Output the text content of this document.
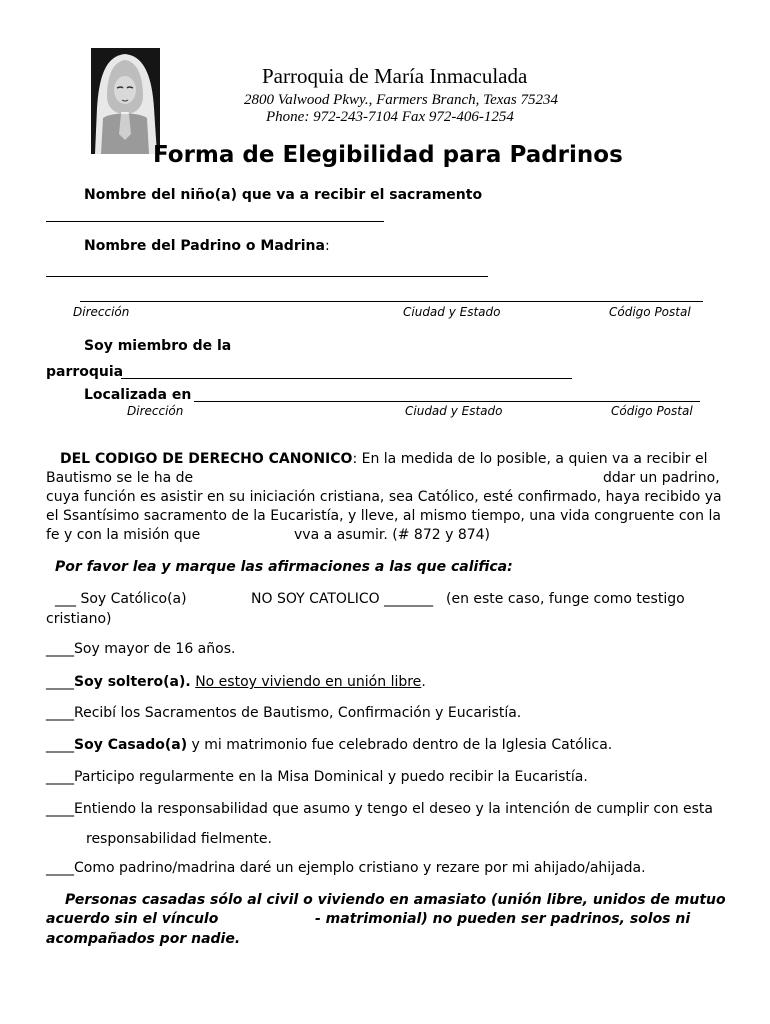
Parroquia de María Inmaculada
2800 Valwood Pkwy., Farmers Branch, Texas 75234
Phone: 972-243-7104 Fax 972-406-1254
Forma de Elegibilidad para Padrinos
Nombre del niño(a) que va a recibir el sacramento
Nombre del Padrino o Madrina:
Dirección	Ciudad y Estado	Código Postal
Soy miembro de la
parroquia
Localizada en
Dirección	Ciudad y Estado	Código Postal
DEL CODIGO DE DERECHO CANONICO: En la medida de lo posible, a quien va a recibir el
Bautismo se le ha de	ddar un padrino,
cuya función es asistir en su iniciación cristiana, sea Católico, esté confirmado, haya recibido ya
el Ssantísimo sacramento de la Eucaristía, y lleve, al mismo tiempo, una vida congruente con la
fe y con la misión que	vva a asumir. (# 872 y 874)
Por favor lea y marque las afirmaciones a las que califica:
___ Soy Católico(a)	NO SOY CATOLICO _______ (en este caso, funge como testigo
cristiano)
____Soy mayor de 16 años.
____Soy soltero(a). No estoy viviendo en unión libre.
____Recibí los Sacramentos de Bautismo, Confirmación y Eucaristía.
____Soy Casado(a) y mi matrimonio fue celebrado dentro de la Iglesia Católica.
____Participo regularmente en la Misa Dominical y puedo recibir la Eucaristía.
____Entiendo la responsabilidad que asumo y tengo el deseo y la intención de cumplir con esta
responsabilidad fielmente.
____Como padrino/madrina daré un ejemplo cristiano y rezare por mi ahijado/ahijada.
Personas casadas sólo al civil o viviendo en amasiato (unión libre, unidos de mutuo
acuerdo sin el vínculo	- matrimonial) no pueden ser padrinos, solos ni
acompañados por nadie.
